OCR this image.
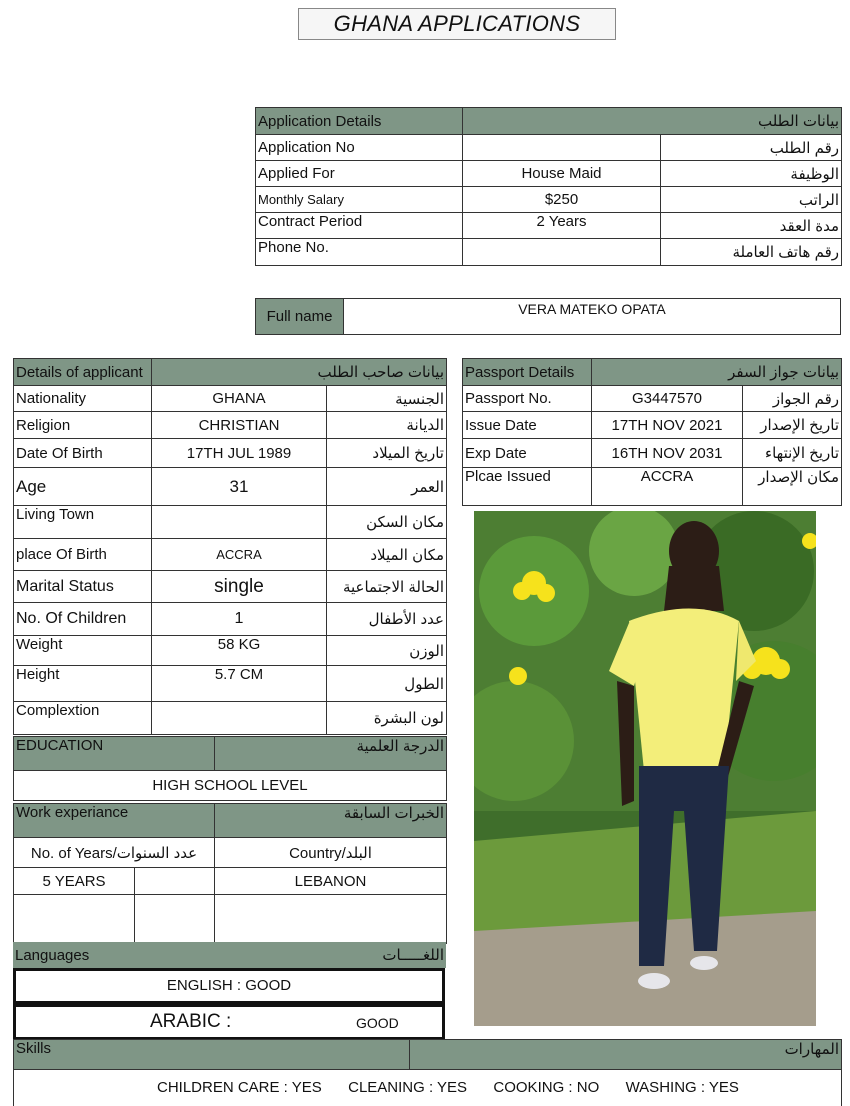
GHANA APPLICATIONS
Application Details	بيانات الطلب	
Application No		رقم الطلب
Applied For	House Maid	الوظيفة
Monthly Salary	$250	الراتب
Contract Period	2 Years	مدة العقد
Phone No.		رقم هاتف العاملة
Full name	VERA MATEKO OPATA
Details of applicant	بيانات صاحب الطلب	
Nationality	GHANA	الجنسية
Religion	CHRISTIAN	الديانة
Date Of Birth	17TH JUL 1989	تاريخ الميلاد
Age	31	العمر
Living Town		مكان السكن
place Of Birth	ACCRA	مكان الميلاد
Marital Status	single	الحالة الاجتماعية
No. Of Children	1	عدد الأطفال
Weight	58 KG	الوزن
Height	5.7 CM	الطول
Complextion		لون البشرة
EDUCATION	الدرجة العلمية
HIGH SCHOOL LEVEL
Work experiance		الخبرات السابقة
No. of Years/عدد السنوات		Country/البلد
5 YEARS		LEBANON

Languages	اللغـــــات
ENGLISH : GOOD
ARABIC :	GOOD
Passport Details	بيانات جواز السفر	
Passport No.	G3447570	رقم الجواز
Issue Date	17TH NOV 2021	تاريخ الإصدار
Exp Date	16TH NOV 2031	تاريخ الإنتهاء
Plcae Issued	ACCRA	مكان الإصدار
Skills	المهارات
CHILDREN CARE : YES CLEANING : YES COOKING : NO WASHING : YES
